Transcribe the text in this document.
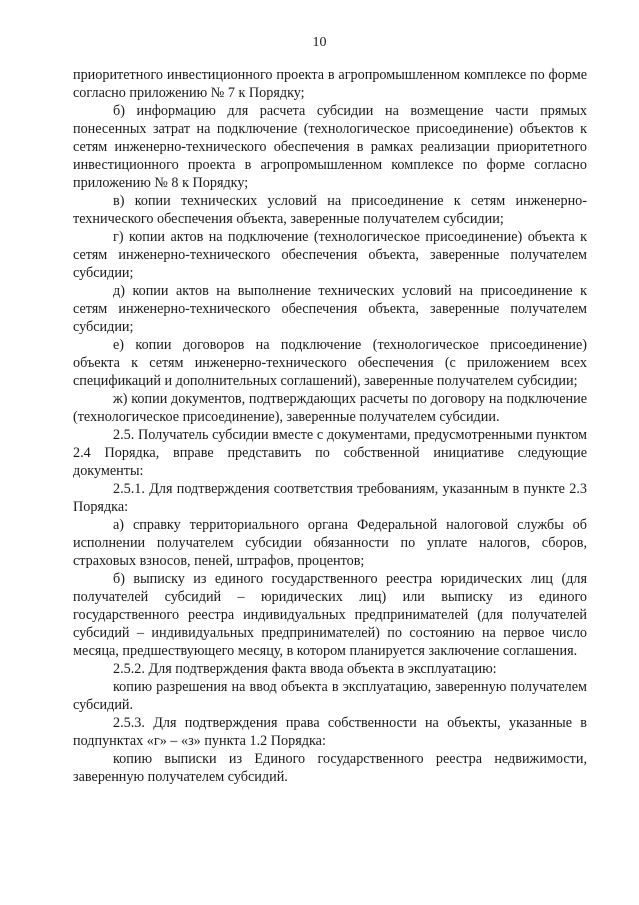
10

приоритетного инвестиционного проекта в агропромышленном комплексе по форме согласно приложению № 7 к Порядку;

б) информацию для расчета субсидии на возмещение части прямых понесенных затрат на подключение (технологическое присоединение) объектов к сетям инженерно-технического обеспечения в рамках реализации приоритетного инвестиционного проекта в агропромышленном комплексе по форме согласно приложению № 8 к Порядку;

в) копии технических условий на присоединение к сетям инженерно-технического обеспечения объекта, заверенные получателем субсидии;

г) копии актов на подключение (технологическое присоединение) объекта к сетям инженерно-технического обеспечения объекта, заверенные получателем субсидии;

д) копии актов на выполнение технических условий на присоединение к сетям инженерно-технического обеспечения объекта, заверенные получателем субсидии;

е) копии договоров на подключение (технологическое присоединение) объекта к сетям инженерно-технического обеспечения (с приложением всех спецификаций и дополнительных соглашений), заверенные получателем субсидии;

ж) копии документов, подтверждающих расчеты по договору на подключение (технологическое присоединение), заверенные получателем субсидии.

2.5. Получатель субсидии вместе с документами, предусмотренными пунктом 2.4 Порядка, вправе представить по собственной инициативе следующие документы:

2.5.1. Для подтверждения соответствия требованиям, указанным в пункте 2.3 Порядка:

а) справку территориального органа Федеральной налоговой службы об исполнении получателем субсидии обязанности по уплате налогов, сборов, страховых взносов, пеней, штрафов, процентов;

б) выписку из единого государственного реестра юридических лиц (для получателей субсидий – юридических лиц) или выписку из единого государственного реестра индивидуальных предпринимателей (для получателей субсидий – индивидуальных предпринимателей) по состоянию на первое число месяца, предшествующего месяцу, в котором планируется заключение соглашения.

2.5.2. Для подтверждения факта ввода объекта в эксплуатацию:

копию разрешения на ввод объекта в эксплуатацию, заверенную получателем субсидий.

2.5.3. Для подтверждения права собственности на объекты, указанные в подпунктах «г» – «з» пункта 1.2 Порядка:

копию выписки из Единого государственного реестра недвижимости, заверенную получателем субсидий.
